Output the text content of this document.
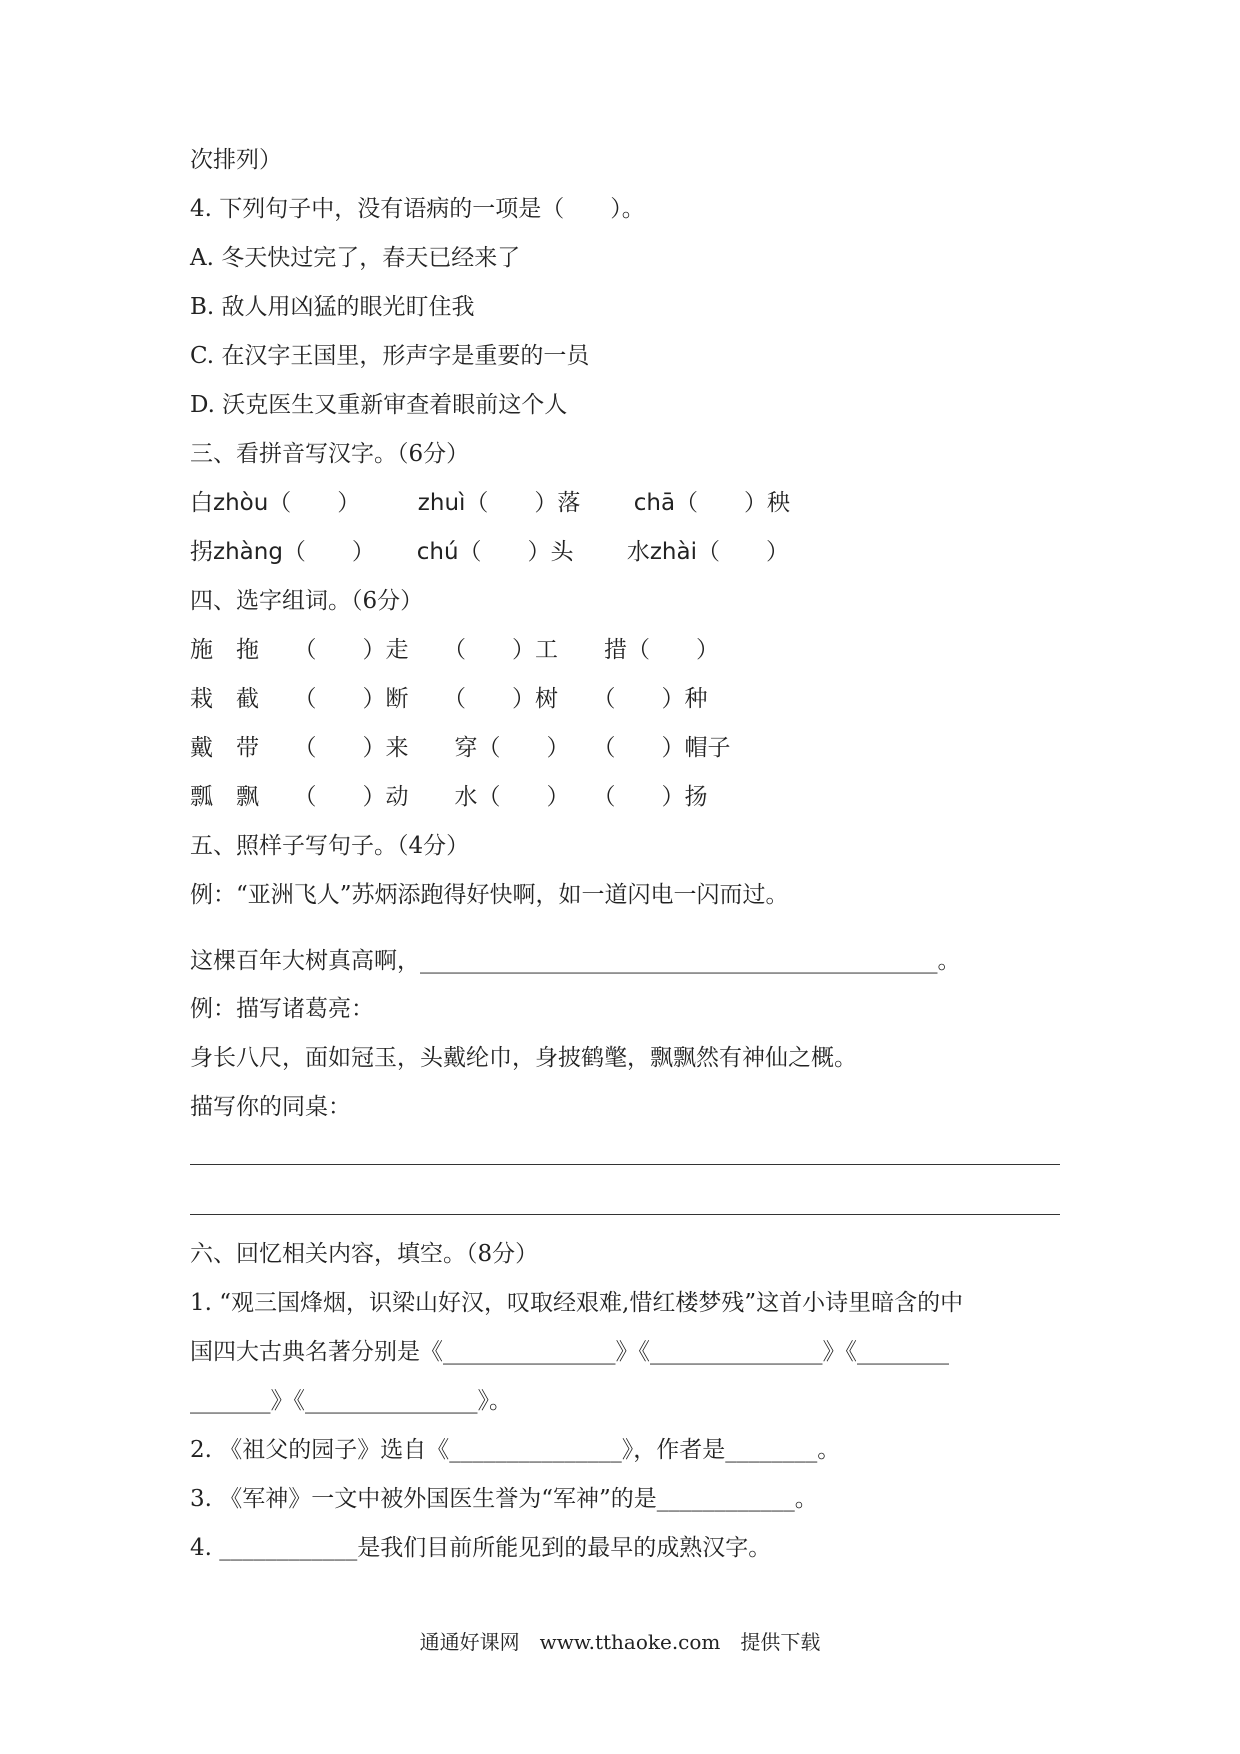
次排列）
4. 下列句子中，没有语病的一项是（　　）。
A. 冬天快过完了，春天已经来了
B. 敌人用凶猛的眼光盯住我
C. 在汉字王国里，形声字是重要的一员
D. 沃克医生又重新审查着眼前这个人
三、看拼音写汉字。（6分）
白zhòu（　　）　　　zhuì（　　）落　　 chā（　　）秧
拐zhàng（　　）　　 chú（　　）头　　 水zhài（　　）
四、选字组词。（6分）
施　拖　　（　　）走　　（　　）工　　措（　　）
栽　截　　（　　）断　　（　　）树　　（　　）种
戴　带　　（　　）来　　穿（　　）　　（　　）帽子
瓢　飘　　（　　）动　　水（　　）　　（　　）扬
五、照样子写句子。（4分）
例：“亚洲飞人”苏炳添跑得好快啊，如一道闪电一闪而过。
这棵百年大树真高啊，_____________________________________________。
例：描写诸葛亮：
身长八尺，面如冠玉，头戴纶巾，身披鹤氅，飘飘然有神仙之概。
描写你的同桌：
六、回忆相关内容，填空。（8分）
1. “观三国烽烟，识梁山好汉，叹取经艰难,惜红楼梦残”这首小诗里暗含的中
国四大古典名著分别是《_______________》《_______________》《________
_______》《_______________》。
2. 《祖父的园子》选自《_______________》，作者是________。
3. 《军神》一文中被外国医生誉为“军神”的是____________。
4. ____________是我们目前所能见到的最早的成熟汉字。
通通好课网　www.tthaoke.com　提供下载
